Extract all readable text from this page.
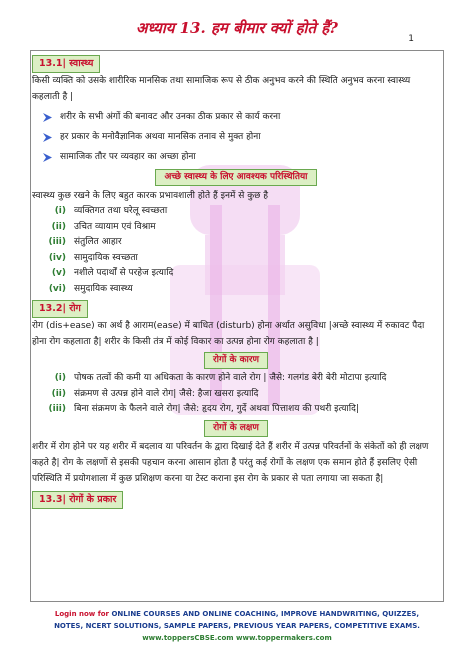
अध्याय 13. हम बीमार क्यों होते हैं?
1
13.1| स्वास्थ्य

किसी व्यक्ति को उसके शारीरिक मानसिक तथा सामाजिक रूप से ठीक अनुभव करने की स्थिति अनुभव करना स्वास्थ्य कहलाती है |

शरीर के सभी अंगों की बनावट और उनका ठीक प्रकार से कार्य करना
हर प्रकार के मनोवैज्ञानिक अथवा मानसिक तनाव से मुक्त होना
सामाजिक तौर पर व्यवहार का अच्छा होना
अच्छे स्वास्थ्य के लिए आवश्यक परिस्थितिया

स्वास्थ्य कुछ रखने के लिए बहुत कारक प्रभावशाली होते हैं इनमें से कुछ है

(i) व्यक्तिगत तथा घरेलू स्वच्छता
(ii) उचित व्यायाम एवं विश्राम
(iii) संतुलित आहार
(iv) सामुदायिक स्वच्छता
(v) नशीले पदार्थों से परहेज इत्यादि
(vi) समुदायिक स्वास्थ्य
13.2| रोग

रोग (dis+ease) का अर्थ है आराम(ease) में बाधित (disturb) होना अर्थात असुविधा |अच्छे स्वास्थ्य में रुकावट पैदा होना रोग कहलाता है| शरीर के किसी तंत्र में कोई विकार का उत्पन्न होना रोग कहलाता है |

रोगों के कारण
(i) पोषक तत्वों की कमी या अधिकता के कारण होने वाले रोग | जैसे: गलगंड बेरी बेरी मोटापा इत्यादि
(ii) संक्रमण से उत्पन्न होने वाले रोग| जैसे: हैजा खसरा इत्यादि
(iii) बिना संक्रमण के फैलने वाले रोग| जैसे: हृदय रोग, गुर्दे अथवा पित्ताशय की पथरी इत्यादि|
रोगों के लक्षण

शरीर में रोग होने पर यह शरीर में बदलाव या परिवर्तन के द्वारा दिखाई देते हैं शरीर में उत्पन्न परिवर्तनों के संकेतों को ही लक्षण कहते है| रोग के लक्षणों से इसकी पहचान करना आसान होता है परंतु कई रोगों के लक्षण एक समान होते हैं इसलिए ऐसी परिस्थिति में प्रयोगशाला में कुछ प्रशिक्षण करना या टेस्ट कराना इस रोग के प्रकार से पता लगाया जा सकता है|

13.3| रोगों के प्रकार
Login now for ONLINE COURSES AND ONLINE COACHING, IMPROVE HANDWRITING, QUIZZES,
NOTES, NCERT SOLUTIONS, SAMPLE PAPERS, PREVIOUS YEAR PAPERS, COMPETITIVE EXAMS.
www.toppersCBSE.com www.toppermakers.com
